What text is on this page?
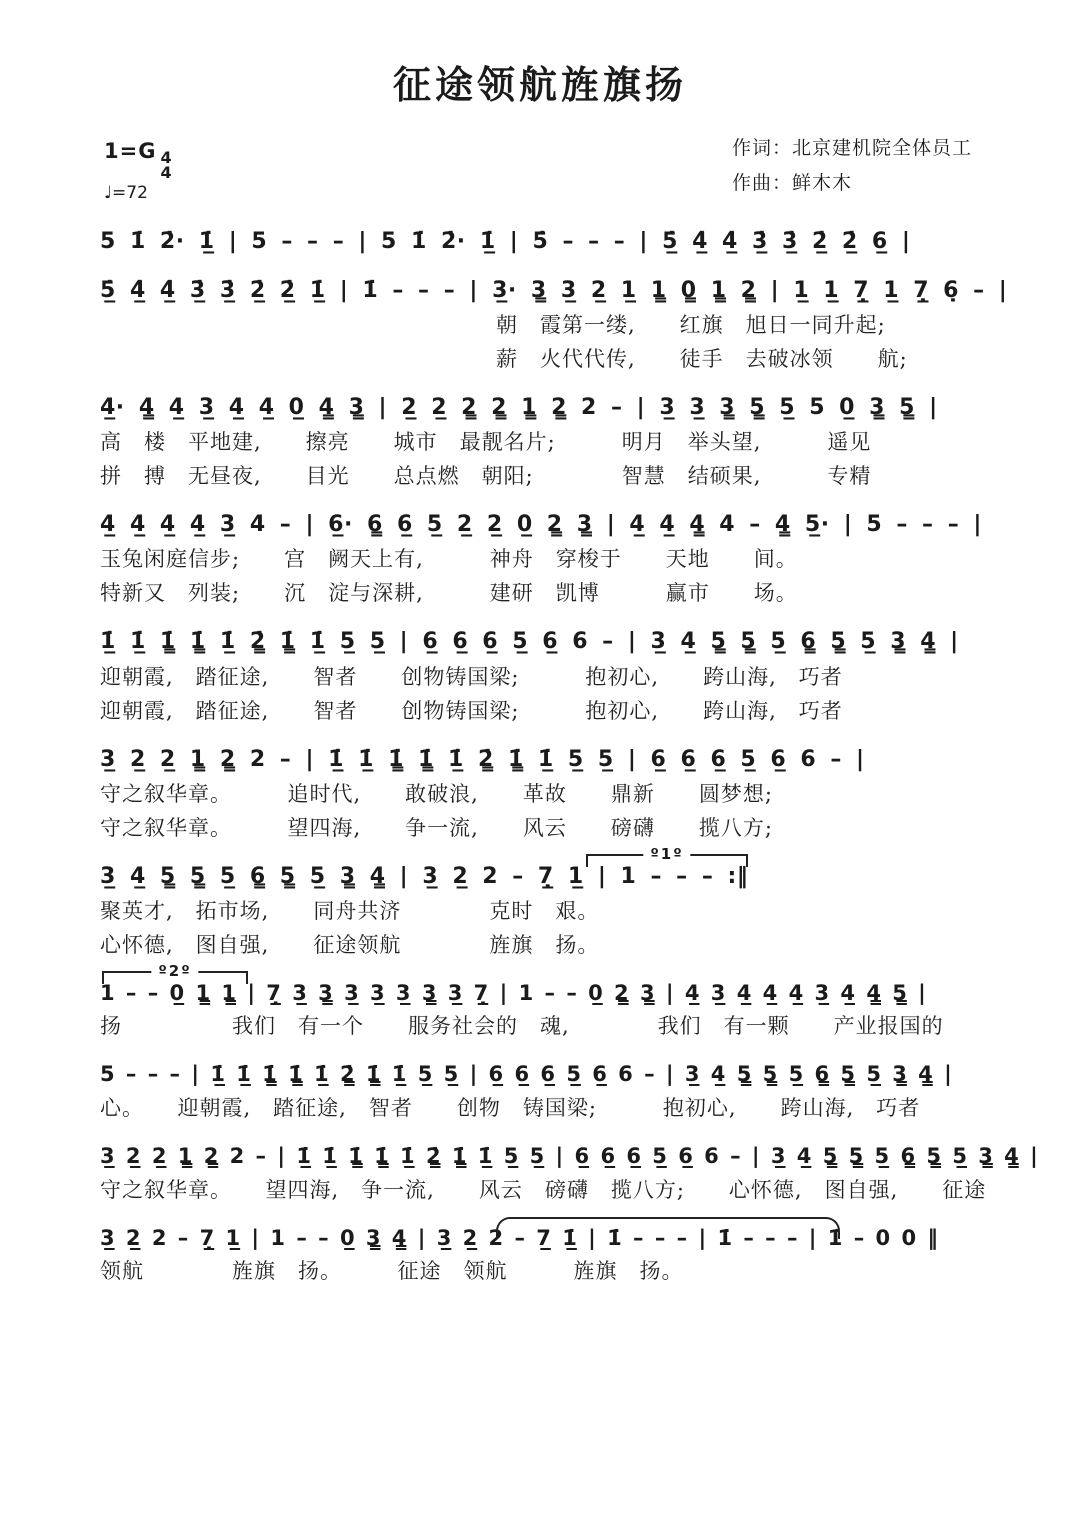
征途领航旌旗扬
1=G 4
4
♩=72
作词：北京建机院全体员工
作曲：鲜木木
5 1̇ 2̇· 1̲̇ | 5 – – – | 5 1̇ 2̇· 1̲̇ | 5̇ – – – | 5̲̇ 4̲̇ 4̲̇ 3̲̇ 3̲̇ 2̲̇ 2̲̇ 6̲ |
5̲̇ 4̲̇ 4̲̇ 3̲̇ 3̲̇ 2̲̇ 2̲̇ 1̲̇ | 1̇ – – – | 3̲· 3̳ 3̲ 2̲ 1̲ 1̳ 0̳ 1̳ 2̳ | 1̲ 1̲ 7̲̣ 1̲ 7̲̣ 6̣ – |
　　　　　　　　　　　　　　　　　　朝　霞第一缕,　　红旗　旭日一同升起;
　　　　　　　　　　　　　　　　　　薪　火代代传,　　徒手　去破冰领　　航;
4̲· 4̳ 4̲ 3̲ 4̲ 4̲ 0̲ 4̳ 3̳ | 2̲ 2̲ 2̳ 2̳ 1̳ 2̳ 2 – | 3̲ 3̲ 3̳ 5̳ 5̲ 5 0̲ 3̳ 5̳ |
高　楼　平地建,　　擦亮　　城市　最靓名片;　　　明月　举头望,　　　遥见
拼　搏　无昼夜,　　目光　　总点燃　朝阳;　　　　智慧　结硕果,　　　专精
4̲ 4̲ 4̲ 4̲ 3̲ 4 – | 6̲· 6̳ 6̲ 5̲ 2̲ 2̲ 0̲ 2̳ 3̳ | 4̲ 4̲ 4̳ 4 – 4̳ 5̲· | 5 – – – |
玉兔闲庭信步;　　宫　阙天上有,　　　神舟　穿梭于　　天地　　间。
特新又　列装;　　沉　淀与深耕,　　　建研　凯博　　　赢市　　场。
1̲̇ 1̲̇ 1̳̇ 1̳̇ 1̲̇ 2̳̇ 1̳̇ 1̲̇ 5̲ 5̲ | 6̲ 6̲ 6̲ 5̲ 6̲ 6 – | 3̲ 4̲ 5̳ 5̳ 5̲ 6̳ 5̳ 5̲ 3̳ 4̳ |
迎朝霞,　踏征途,　　智者　　创物铸国梁;　　　抱初心,　　跨山海,　巧者
迎朝霞,　踏征途,　　智者　　创物铸国梁;　　　抱初心,　　跨山海,　巧者
3̲ 2̲ 2̲ 1̳ 2̳ 2 – | 1̲̇ 1̲̇ 1̳̇ 1̳̇ 1̲̇ 2̳̇ 1̳̇ 1̲̇ 5̲ 5̲ | 6̲ 6̲ 6̲ 5̲ 6̲ 6 – |
守之叙华章。　　　追时代,　　敢破浪,　　革故　　鼎新　　圆梦想;
守之叙华章。　　　望四海,　　争一流,　　风云　　磅礴　　揽八方;
º1º
3̲ 4̲ 5̳ 5̳ 5̲ 6̳ 5̳ 5̲ 3̳ 4̳ | 3̲ 2̲ 2 – 7̲̣ 1̲ | 1 – – – :‖
聚英才,　拓市场,　　同舟共济　　　　克时　艰。
心怀德,　图自强,　　征途领航　　　　旌旗　扬。
º2º
1 – – 0̲ 1̳ 1̳ | 7̲̣ 3̲ 3̳ 3̲ 3̲ 3̲ 3̳ 3̲ 7̲̣ | 1 – – 0̲ 2̳ 3̳ | 4̲ 3̲ 4̲ 4̲ 4̲ 3̲ 4̲ 4̳ 5̳ |
扬　　　　　我们　有一个　　服务社会的　魂,　　　　我们　有一颗　　产业报国的
5 – – – | 1̲̇ 1̲̇ 1̳̇ 1̳̇ 1̲̇ 2̳̇ 1̳̇ 1̲̇ 5̲ 5̲ | 6̲ 6̲ 6̲ 5̲ 6̲ 6 – | 3̲ 4̲ 5̳ 5̳ 5̲ 6̳ 5̳ 5̲ 3̳ 4̳ |
心。　　迎朝霞,　踏征途,　智者　　创物　铸国梁;　　　抱初心,　　跨山海,　巧者
3̲ 2̲ 2̲ 1̳ 2̳ 2 – | 1̲̇ 1̲̇ 1̳̇ 1̳̇ 1̲̇ 2̳̇ 1̳̇ 1̲̇ 5̲ 5̲ | 6̲ 6̲ 6̲ 5̲ 6̲ 6 – | 3̲ 4̲ 5̳ 5̳ 5̲ 6̳ 5̳ 5̲ 3̳ 4̳ |
守之叙华章。　　望四海,　争一流,　　风云　磅礴　揽八方;　　心怀德,　图自强,　　征途
3̲ 2̲ 2 – 7̲̣ 1̲ | 1 – – 0̲ 3̳ 4̳ | 3̲ 2̲ 2 – 7̲ 1̲̇ | 1̇ – – – | 1̇ – – – | 1̇ – 0 0 ‖
领航　　　　旌旗　扬。　　　征途　领航　　　旌旗　扬。
